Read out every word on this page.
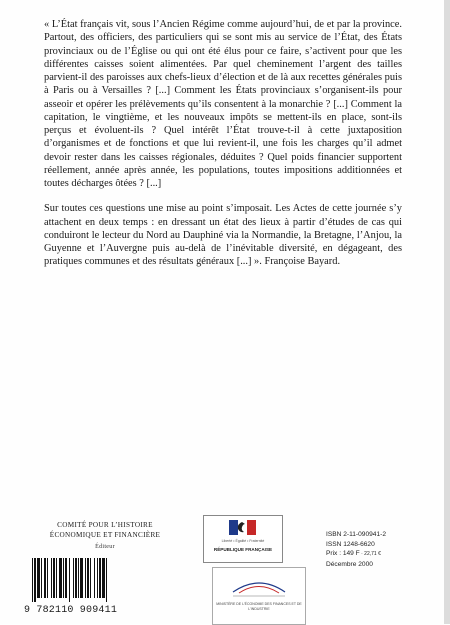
« L’État français vit, sous l’Ancien Régime comme aujourd’hui, de et par la province. Partout, des officiers, des particuliers qui se sont mis au service de l’État, des États provinciaux ou de l’Église ou qui ont été élus pour ce faire, s’activent pour que les différentes caisses soient alimentées. Par quel cheminement l’argent des tailles parvient-il des paroisses aux chefs-lieux d’élection et de là aux recettes générales puis à Paris ou à Versailles ? [...] Comment les États provinciaux s’organisent-ils pour asseoir et opérer les prélèvements qu’ils consentent à la monarchie ? [...] Comment la capitation, le vingtième, et les nouveaux impôts se mettent-ils en place, sont-ils perçus et évoluent-ils ? Quel intérêt l’État trouve-t-il à cette juxtaposition d’organismes et de fonctions et que lui revient-il, une fois les charges qu’il admet devoir rester dans les caisses régionales, déduites ? Quel poids financier supportent réellement, année après année, les populations, toutes impositions additionnées et toutes décharges ôtées ? [...]

Sur toutes ces questions une mise au point s’imposait. Les Actes de cette journée s’y attachent en deux temps : en dressant un état des lieux à partir d’études de cas qui conduiront le lecteur du Nord au Dauphiné via la Normandie, la Bretagne, l’Anjou, la Guyenne et l’Auvergne puis au-delà de l’inévitable diversité, en dégageant, des pratiques communes et des résultats généraux [...] ». Françoise Bayard.

COMITÉ POUR L’HISTOIRE
ÉCONOMIQUE ET FINANCIÈRE
Éditeur
9 782110 909411
Liberté • Égalité • Fraternité
RÉPUBLIQUE FRANÇAISE
MINISTÈRE DE L’ÉCONOMIE DES FINANCES ET DE L’INDUSTRIE
ISBN 2-11-090941-2
ISSN 1248-6620
Prix : 149 F · 22,71 €
Décembre 2000
